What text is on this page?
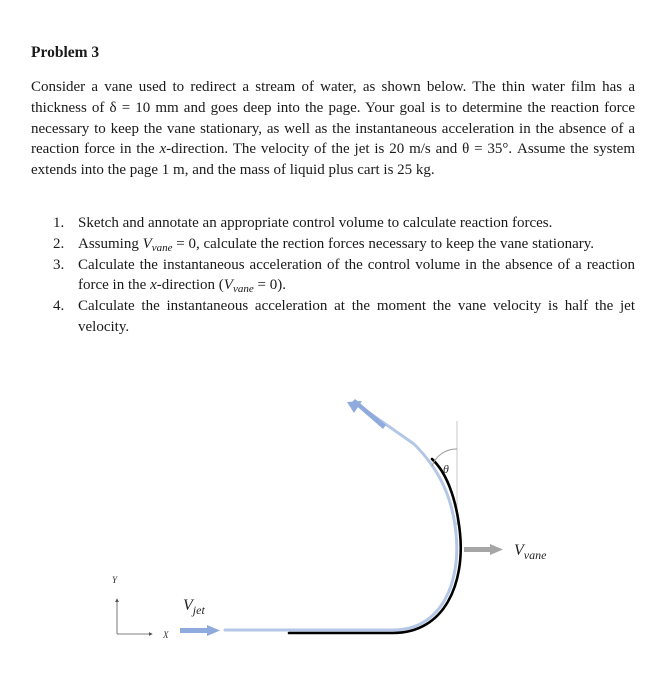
Problem 3

Consider a vane used to redirect a stream of water, as shown below. The thin water film has a thickness of δ = 10 mm and goes deep into the page. Your goal is to determine the reaction force necessary to keep the vane stationary, as well as the instantaneous acceleration in the absence of a reaction force in the x-direction. The velocity of the jet is 20 m/s and θ = 35°. Assume the system extends into the page 1 m, and the mass of liquid plus cart is 25 kg.

1. Sketch and annotate an appropriate control volume to calculate reaction forces.
2. Assuming $V_{vane} = 0$, calculate the rection forces necessary to keep the vane stationary.
3. Calculate the instantaneous acceleration of the control volume in the absence of a reaction force in the x-direction $(V_{vane} = 0)$.
4. Calculate the instantaneous acceleration at the moment the vane velocity is half the jet velocity.
θ
$V_{vane}$
$V_{jet}$
Y
X
